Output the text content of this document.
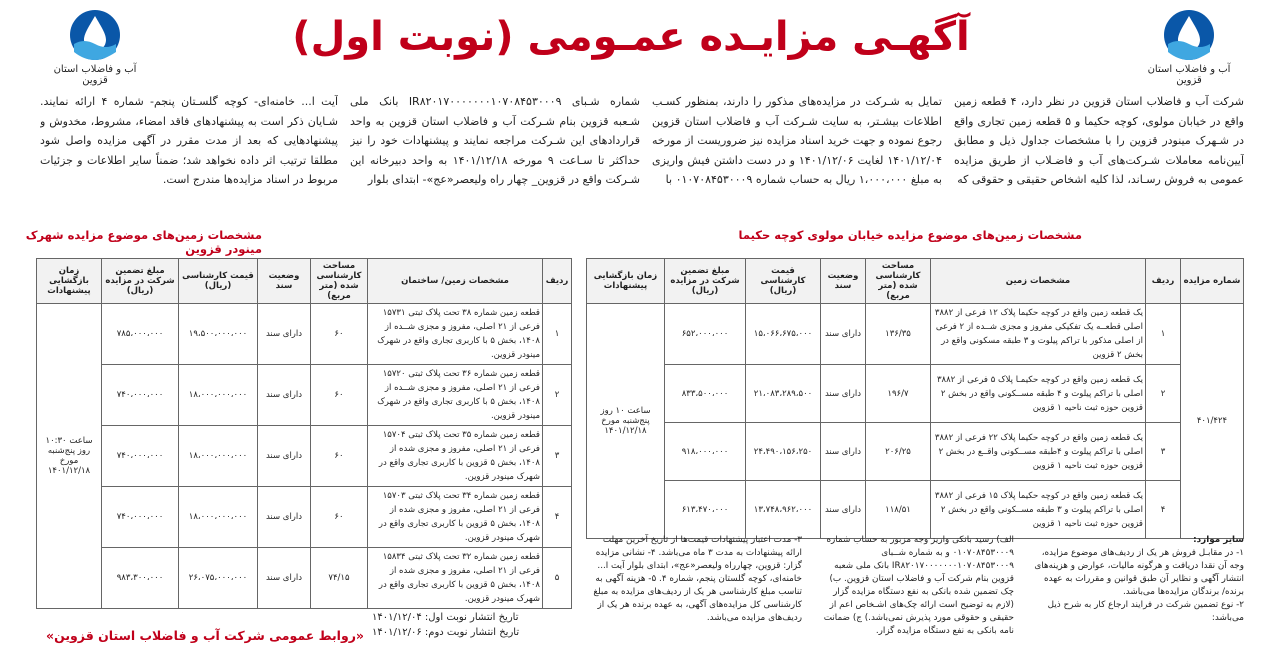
آب و فاضلاب استان قزوین
آب و فاضلاب استان قزوین
آگهـی مزایـده عمـومی (نوبت اول)
شرکت آب و فاضلاب استان قزوین در نظر دارد، ۴ قطعه زمین واقع در خیابان مولوی، کوچه حکیما و ۵ قطعه زمین تجاری واقع در شـهرک مینودر قزوین را با مشخصات جداول ذیل و مطابق آیین‌نامه معاملات شـرکت‌های آب و فاضـلاب از طریق مزایده عمومی به فروش رسـاند، لذا کلیه اشخاص حقیقی و حقوقی که
تمایل به شـرکت در مزایده‌های مذکور را دارند، بمنظور کسـب اطلاعات بیشـتر، به سایت شـرکت آب و فاضلاب استان قزوین رجوع نموده و جهت خرید اسناد مزایده نیز ضروریست از مورخه ۱۴۰۱/۱۲/۰۴ لغایت ۱۴۰۱/۱۲/۰۶ و در دست داشتن فیش واریزی به مبلغ ۱،۰۰۰،۰۰۰ ریال به حساب شماره ۰۱۰۷۰۸۴۵۳۰۰۰۹ با
شماره شـبای IR۸۲۰۱۷۰۰۰۰۰۰۰۱۰۷۰۸۴۵۳۰۰۰۹ بانک ملی شـعبه قزوین بنام شـرکت آب و فاضلاب استان قزوین به واحد قراردادهای این شـرکت مراجعه نمایند و پیشنهادات خود را نیز حداکثر تا سـاعت ۹ مورخه ۱۴۰۱/۱۲/۱۸ به واحد دبیرخانه این شـرکت واقع در قزوین_ چهار راه ولیعصر«عج»- ابتدای بلوار
آیت ا... خامنه‌ای- کوچه گلسـتان پنجم- شماره ۴ ارائه نمایند. شـایان ذکر است به پیشنهادهای فاقد امضاء، مشروط، مخدوش و پیشنهادهایی که بعد از مدت مقرر در آگهی مزایده واصل شود مطلقا ترتیب اثر داده نخواهد شد؛ ضمناً سایر اطلاعات و جزئیات مربوط در اسناد مزایده‌ها مندرج است.
مشخصات زمین‌های موضوع مزایده خیابان مولوی کوچه حکیما
مشخصات زمین‌های موضوع مزایده شهرک مینودر قزوین
شماره مزایده	ردیف	مشخصات زمین	مساحت کارشناسی شده (متر مربع)	وضعیت سند	قیمت کارشناسی (ریال)	مبلغ تضمین شرکت در مزایده (ریال)	زمان بازگشایی پیشنهادات
۴۰۱/۴۲۴	۱	یک قطعه زمین واقع در کوچه حکیما پلاک ۱۲ فرعی از ۳۸۸۲ اصلی قطعــه یک تفکیکی مفروز و مجزی شــده از ۲ فرعی از اصلی مذکور با تراکم پیلوت و ۳ طبقه مسکونی واقع در بخش ۲ قزوین	۱۳۶/۳۵	دارای سند	۱۵،۰۶۶،۶۷۵،۰۰۰	۶۵۲،۰۰۰،۰۰۰	ساعت ۱۰ روز پنج‌شنبه مورخ ۱۴۰۱/۱۲/۱۸
	۲	یک قطعه زمین واقع در کوچه حکیمـا پلاک ۵ فرعی از ۳۸۸۲ اصلی با تراکم پیلوت و ۴ طبقه مســکونی واقع در بخش ۲ قزوین حوزه ثبت ناحیه ۱ قزوین	۱۹۶/۷	دارای سند	۲۱،۰۸۳،۲۸۹،۵۰۰	۸۳۳،۵۰۰،۰۰۰	
	۳	یک قطعه زمین واقع در کوچه حکیما پلاک ۲۲ فرعی از ۳۸۸۲ اصلی با تراکم پیلوت و ۴طبقه مســکونی واقــع در بخش ۲ قزوین حوزه ثبت ناحیه ۱ قزوین	۲۰۶/۲۵	دارای سند	۲۴،۴۹۰،۱۵۶،۲۵۰	۹۱۸،۰۰۰،۰۰۰	
	۴	یک قطعه زمین واقع در کوچه حکیما پلاک ۱۵ فرعی از ۳۸۸۲ اصلی با تراکم پیلوت و ۳ طبقه مســکونی واقع در بخش ۲ قزوین حوزه ثبت ناحیه ۱ قزوین	۱۱۸/۵۱	دارای سند	۱۳،۷۴۸،۹۶۲،۰۰۰	۶۱۳،۴۷۰،۰۰۰	
ردیف	مشخصات زمین/ ساختمان	مساحت کارشناسی شده (متر مربع)	وضعیت سند	قیمت کارشناسی (ریال)	مبلغ تضمین شرکت در مزایده (ریال)	زمان بازگشایی پیشنهادات
۱	قطعه زمین شماره ۳۸ تحت پلاک ثبتی ۱۵۷۳۱ فرعی از ۲۱ اصلی، مفروز و مجزی شــده از ۱۴۰۸، بخش ۵ با کاربری تجاری واقع در شهرک مینودر قزوین.	۶۰	دارای سند	۱۹،۵۰۰،۰۰۰،۰۰۰	۷۸۵،۰۰۰،۰۰۰	ساعت ۱۰:۳۰ روز پنج‌شنبه مورخ ۱۴۰۱/۱۲/۱۸
۲	قطعه زمین شماره ۳۶ تحت پلاک ثبتی ۱۵۷۲۰ فرعی از ۲۱ اصلی، مفروز و مجزی شــده از ۱۴۰۸، بخش ۵ با کاربری تجاری واقع در شهرک مینودر قزوین.	۶۰	دارای سند	۱۸،۰۰۰،۰۰۰،۰۰۰	۷۴۰،۰۰۰،۰۰۰	
۳	قطعه زمین شماره ۳۵ تحت پلاک ثبتی ۱۵۷۰۴ فرعی از ۲۱ اصلی، مفروز و مجزی شده از ۱۴۰۸، بخش ۵ قزوین با کاربری تجاری واقع در شهرک مینودر قزوین.	۶۰	دارای سند	۱۸،۰۰۰،۰۰۰،۰۰۰	۷۴۰،۰۰۰،۰۰۰	
۴	قطعه زمین شماره ۳۴ تحت پلاک ثبتی ۱۵۷۰۳ فرعی از ۲۱ اصلی، مفروز و مجزی شده از ۱۴۰۸، بخش ۵ قزوین با کاربری تجاری واقع در شهرک مینودر قزوین.	۶۰	دارای سند	۱۸،۰۰۰،۰۰۰،۰۰۰	۷۴۰،۰۰۰،۰۰۰	
۵	قطعه زمین شماره ۳۲ تحت پلاک ثبتی ۱۵۸۳۴ فرعی از ۲۱ اصلی، مفروز و مجزی شده از ۱۴۰۸، بخش ۵ قزوین با کاربری تجاری واقع در شهرک مینودر قزوین.	۷۴/۱۵	دارای سند	۲۶،۰۷۵،۰۰۰،۰۰۰	۹۸۳،۳۰۰،۰۰۰	
سایر موارد:
۱- در مقابـل فروش هر یک از ردیف‌های موضوع مزایده، وجه آن نقدا دریافت و هرگونه مالیات، عوارض و هزینه‌های انتشار آگهی و نظایر آن طبق قوانین و مقررات به عهده برنده/ برندگان مزایده‌ها می‌باشد.
۲- نوع تضمین شرکت در فرایند ارجاع کار به شرح ذیل می‌باشد:
الف) رسید بانکی واریز وجه مزبور به حساب شماره ۰۱۰۷۰۸۴۵۳۰۰۰۹ و به شماره شــبای IR۸۲۰۱۷۰۰۰۰۰۰۰۱۰۷۰۸۴۵۳۰۰۰۹ بانک ملی شعبه قزوین بنام شرکت آب و فاضلاب استان قزوین. ب) چک تضمین شده بانکی به نفع دستگاه مزایده گزار (لازم به توضیح است ارائه چک‌های اشـخاص اعم از حقیقی و حقوقی مورد پذیرش نمی‌باشد.) ج) ضمانت نامه بانکی به نفع دستگاه مزایده گزار.
۳- مدت اعتبار پیشنهادات قیمت‌ها از تاریخ آخرین مهلت ارائه پیشنهادات به مدت ۳ ماه می‌باشد. ۴- نشانی مزایده گزار: قزوین، چهارراه ولیعصر«عج»، ابتدای بلوار آیت ا... خامنه‌ای، کوچه گلستان پنجم، شماره ۴. ۵- هزینه آگهی به تناسب مبلغ کارشناسی هر یک از ردیف‌های مزایده به مبلغ کارشناسی کل مزایده‌های آگهی، به عهده برنده هر یک از ردیف‌های مزایده می‌باشد.
تاریخ انتشار نوبت اول: ۱۴۰۱/۱۲/۰۴
تاریخ انتشار نوبت دوم: ۱۴۰۱/۱۲/۰۶
«روابط عمومی شرکت آب و فاضلاب استان قزوین»
